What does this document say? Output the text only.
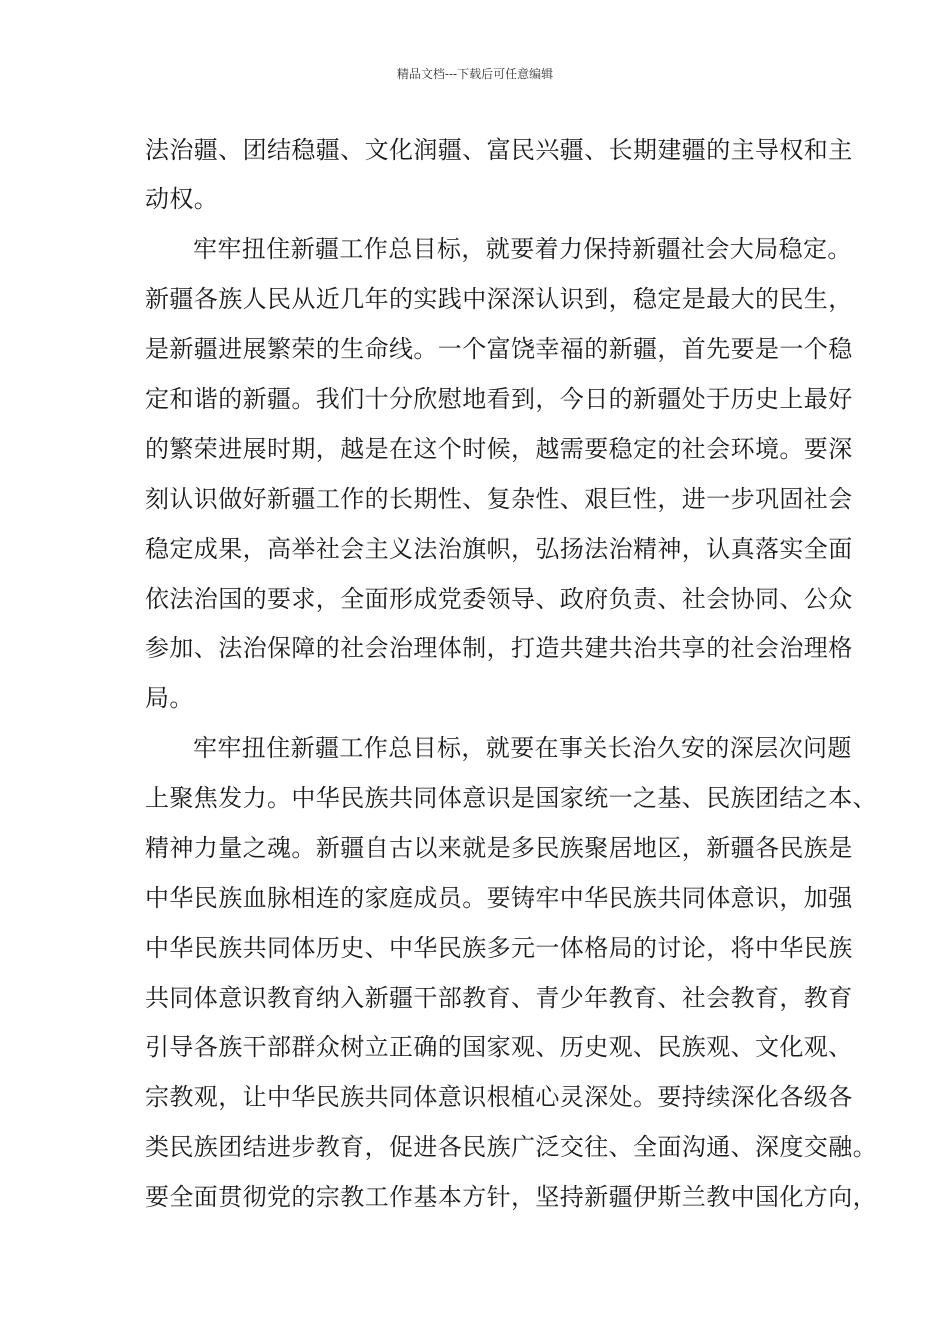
精品文档---下载后可任意编辑
法治疆、团结稳疆、文化润疆、富民兴疆、长期建疆的主导权和主
动权。
牢牢扭住新疆工作总目标，就要着力保持新疆社会大局稳定。
新疆各族人民从近几年的实践中深深认识到，稳定是最大的民生，
是新疆进展繁荣的生命线。一个富饶幸福的新疆，首先要是一个稳
定和谐的新疆。我们十分欣慰地看到，今日的新疆处于历史上最好
的繁荣进展时期，越是在这个时候，越需要稳定的社会环境。要深
刻认识做好新疆工作的长期性、复杂性、艰巨性，进一步巩固社会
稳定成果，高举社会主义法治旗帜，弘扬法治精神，认真落实全面
依法治国的要求，全面形成党委领导、政府负责、社会协同、公众
参加、法治保障的社会治理体制，打造共建共治共享的社会治理格
局。
牢牢扭住新疆工作总目标，就要在事关长治久安的深层次问题
上聚焦发力。中华民族共同体意识是国家统一之基、民族团结之本、
精神力量之魂。新疆自古以来就是多民族聚居地区，新疆各民族是
中华民族血脉相连的家庭成员。要铸牢中华民族共同体意识，加强
中华民族共同体历史、中华民族多元一体格局的讨论，将中华民族
共同体意识教育纳入新疆干部教育、青少年教育、社会教育，教育
引导各族干部群众树立正确的国家观、历史观、民族观、文化观、
宗教观，让中华民族共同体意识根植心灵深处。要持续深化各级各
类民族团结进步教育，促进各民族广泛交往、全面沟通、深度交融。
要全面贯彻党的宗教工作基本方针，坚持新疆伊斯兰教中国化方向，
